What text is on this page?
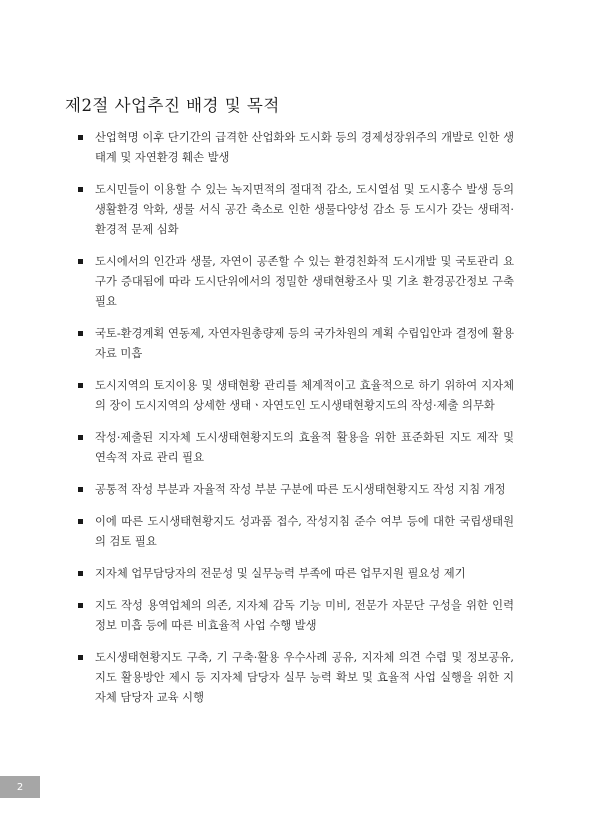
제2절 사업추진 배경 및 목적
산업혁명 이후 단기간의 급격한 산업화와 도시화 등의 경제성장위주의 개발로 인한 생태계 및 자연환경 훼손 발생
도시민들이 이용할 수 있는 녹지면적의 절대적 감소, 도시열섬 및 도시홍수 발생 등의 생활환경 악화, 생물 서식 공간 축소로 인한 생물다양성 감소 등 도시가 갖는 생태적·환경적 문제 심화
도시에서의 인간과 생물, 자연이 공존할 수 있는 환경친화적 도시개발 및 국토관리 요구가 증대됨에 따라 도시단위에서의 정밀한 생태현황조사 및 기초 환경공간정보 구축 필요
국토-환경계획 연동제, 자연자원총량제 등의 국가차원의 계획 수립입안과 결정에 활용 자료 미흡
도시지역의 토지이용 및 생태현황 관리를 체계적이고 효율적으로 하기 위하여 지자체의 장이 도시지역의 상세한 생태ㆍ자연도인 도시생태현황지도의 작성·제출 의무화
작성·제출된 지자체 도시생태현황지도의 효율적 활용을 위한 표준화된 지도 제작 및 연속적 자료 관리 필요
공통적 작성 부분과 자율적 작성 부분 구분에 따른 도시생태현황지도 작성 지침 개정
이에 따른 도시생태현황지도 성과품 접수, 작성지침 준수 여부 등에 대한 국립생태원의 검토 필요
지자체 업무담당자의 전문성 및 실무능력 부족에 따른 업무지원 필요성 제기
지도 작성 용역업체의 의존, 지자체 감독 기능 미비, 전문가 자문단 구성을 위한 인력정보 미흡 등에 따른 비효율적 사업 수행 발생
도시생태현황지도 구축, 기 구축·활용 우수사례 공유, 지자체 의견 수렴 및 정보공유, 지도 활용방안 제시 등 지자체 담당자 실무 능력 확보 및 효율적 사업 실행을 위한 지자체 담당자 교육 시행
2
